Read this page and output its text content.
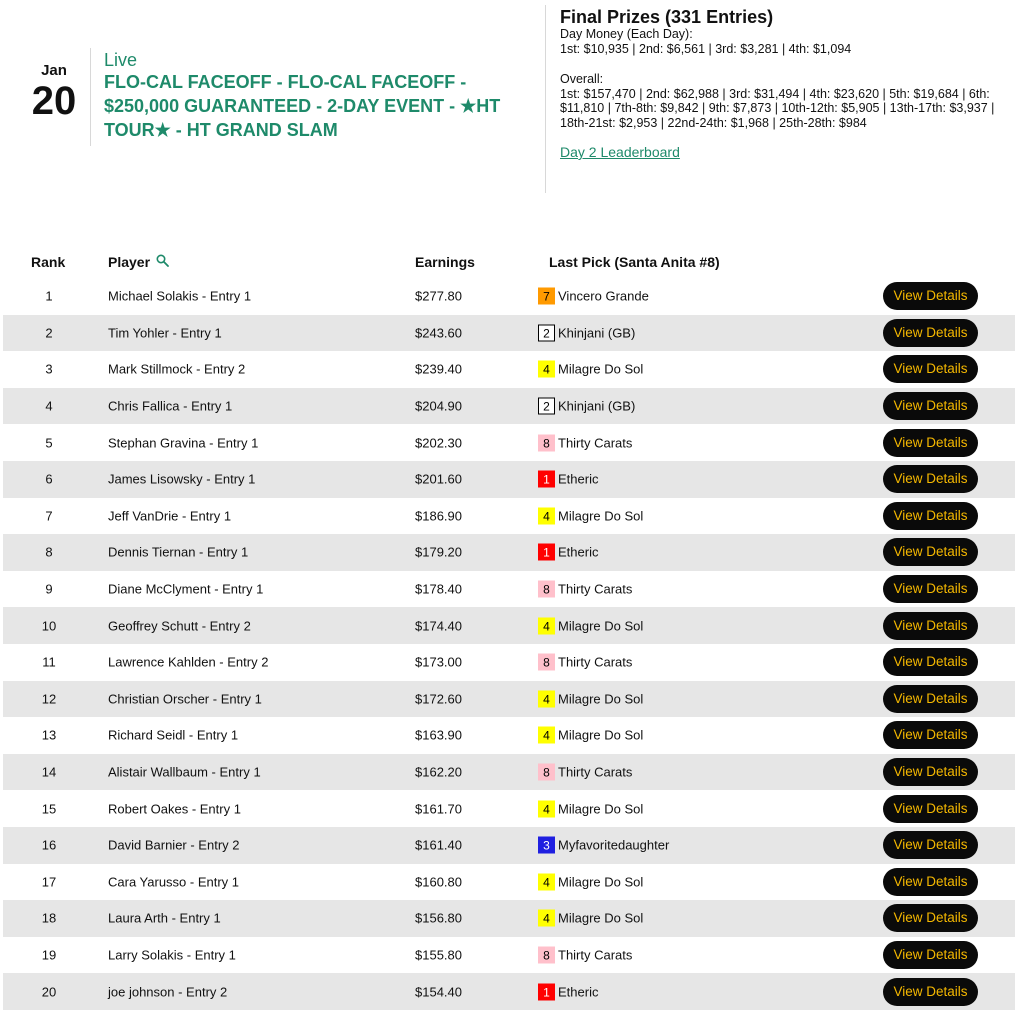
Jan
20
Live
FLO-CAL FACEOFF - FLO-CAL FACEOFF - $250,000 GUARANTEED - 2-DAY EVENT - ★HT TOUR★ - HT GRAND SLAM
Final Prizes (331 Entries)
Day Money (Each Day):
1st: $10,935 | 2nd: $6,561 | 3rd: $3,281 | 4th: $1,094
Overall:
1st: $157,470 | 2nd: $62,988 | 3rd: $31,494 | 4th: $23,620 | 5th: $19,684 | 6th: $11,810 | 7th-8th: $9,842 | 9th: $7,873 | 10th-12th: $5,905 | 13th-17th: $3,937 | 18th-21st: $2,953 | 22nd-24th: $1,968 | 25th-28th: $984
Day 2 Leaderboard
Rank	Player	Earnings	Last Pick (Santa Anita #8)
1	Michael Solakis - Entry 1	$277.80	7 Vincero Grande	View Details
2	Tim Yohler - Entry 1	$243.60	2 Khinjani (GB)	View Details
3	Mark Stillmock - Entry 2	$239.40	4 Milagre Do Sol	View Details
4	Chris Fallica - Entry 1	$204.90	2 Khinjani (GB)	View Details
5	Stephan Gravina - Entry 1	$202.30	8 Thirty Carats	View Details
6	James Lisowsky - Entry 1	$201.60	1 Etheric	View Details
7	Jeff VanDrie - Entry 1	$186.90	4 Milagre Do Sol	View Details
8	Dennis Tiernan - Entry 1	$179.20	1 Etheric	View Details
9	Diane McClyment - Entry 1	$178.40	8 Thirty Carats	View Details
10	Geoffrey Schutt - Entry 2	$174.40	4 Milagre Do Sol	View Details
11	Lawrence Kahlden - Entry 2	$173.00	8 Thirty Carats	View Details
12	Christian Orscher - Entry 1	$172.60	4 Milagre Do Sol	View Details
13	Richard Seidl - Entry 1	$163.90	4 Milagre Do Sol	View Details
14	Alistair Wallbaum - Entry 1	$162.20	8 Thirty Carats	View Details
15	Robert Oakes - Entry 1	$161.70	4 Milagre Do Sol	View Details
16	David Barnier - Entry 2	$161.40	3 Myfavoritedaughter	View Details
17	Cara Yarusso - Entry 1	$160.80	4 Milagre Do Sol	View Details
18	Laura Arth - Entry 1	$156.80	4 Milagre Do Sol	View Details
19	Larry Solakis - Entry 1	$155.80	8 Thirty Carats	View Details
20	joe johnson - Entry 2	$154.40	1 Etheric	View Details
